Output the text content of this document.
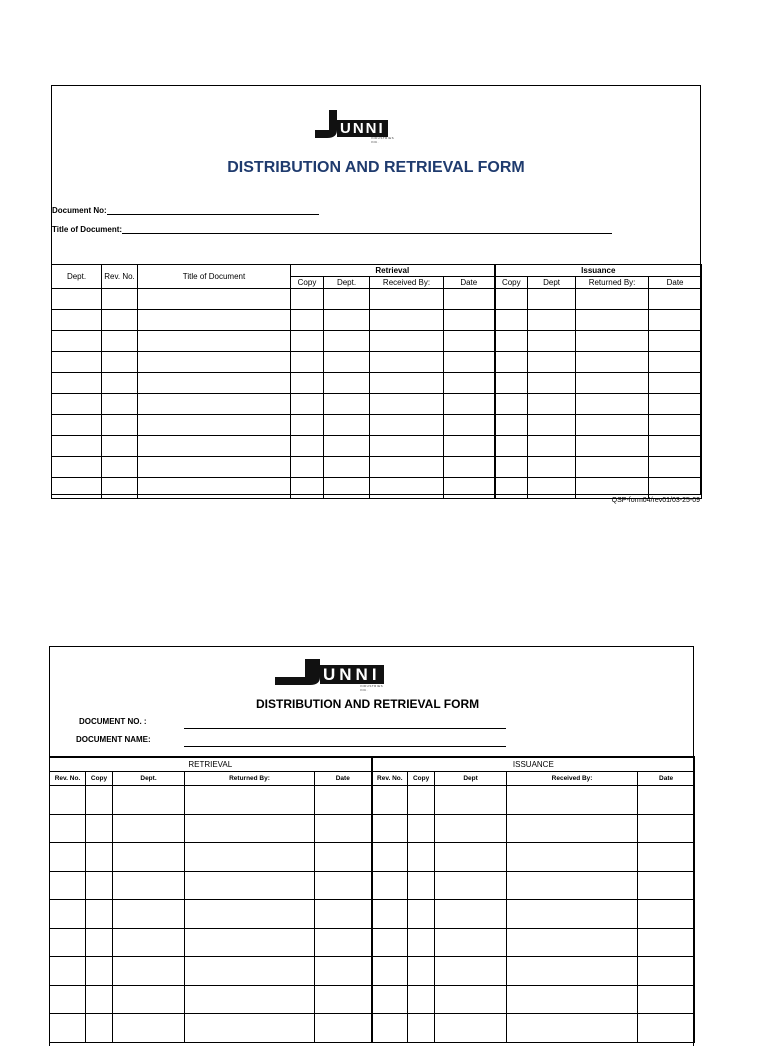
UNNI
INDUSTRIES INC.
DISTRIBUTION AND RETRIEVAL FORM
Document No:
Title of Document:
Dept.	Rev. No.	Title of Document	Retrieval				Issuance			
			Copy	Dept.	Received By:	Date	Copy	Dept	Returned By:	Date

QSP-form04/rev01/03-25-09
UNNI
INDUSTRIES INC.
DISTRIBUTION AND RETRIEVAL FORM
DOCUMENT NO. :
DOCUMENT NAME:
RETRIEVAL					ISSUANCE				
Rev. No.	Copy	Dept.	Returned By:	Date	Rev. No.	Copy	Dept	Received By:	Date
